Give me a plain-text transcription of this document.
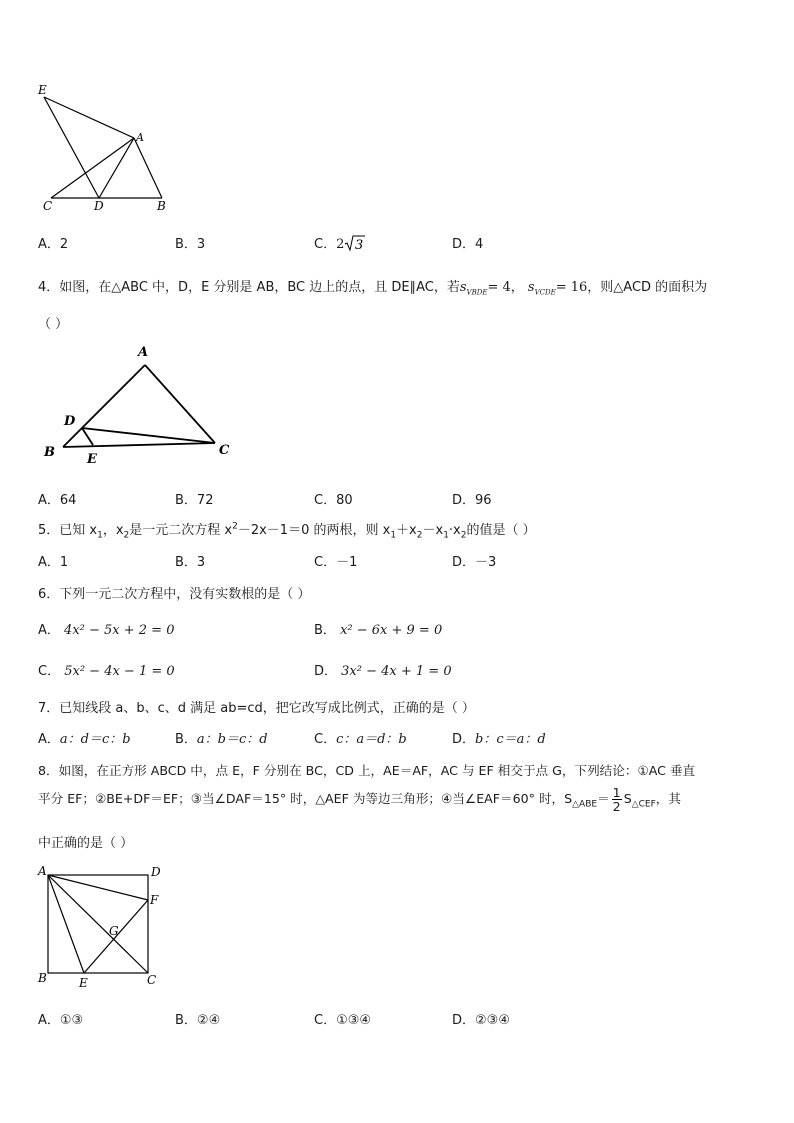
E
A
C	D	B
A．2	B．3	C．2 3	D．4
4．如图，在△ABC 中，D，E 分别是 AB，BC 边上的点，且 DE∥AC，若$s_{VBDE}= 4$， $s_{VCDE}= 16$，则△ACD 的面积为
（ ）
A
D
B E
C
A．64	B．72	C．80	D．96
5．已知 $x_1$，$x_2$是一元二次方程 $x^2-2x-1=0$ 的两根，则 $x_1+x_2-x_1\cdot x_2$的值是（ ）
A．1	B．3	C．－1	D．－3
6．下列一元二次方程中，没有实数根的是（ ）
A． 4x² − 5x + 2 = 0	B． x² − 6x + 9 = 0
C． 5x² − 4x − 1 = 0	D． 3x² − 4x + 1 = 0
7．已知线段 a、b、c、d 满足 ab=cd，把它改写成比例式，正确的是（ ）
A．a：d＝c：b	B．a：b＝c：d	C．c：a＝d：b	D．b：c＝a：d
8．如图，在正方形 ABCD 中，点 E，F 分别在 BC，CD 上，AE＝AF，AC 与 EF 相交于点 G，下列结论：①AC 垂直
平分 EF；②BE+DF＝EF；③当∠DAF＝15° 时，△AEF 为等边三角形；④当∠EAF＝60° 时，$S_{\triangle ABE}= \frac{1}{2} S_{\triangle CEF}$，其
中正确的是（ ）
A	D
F
G
B	E	C
A．①③	B．②④	C．①③④	D．②③④
